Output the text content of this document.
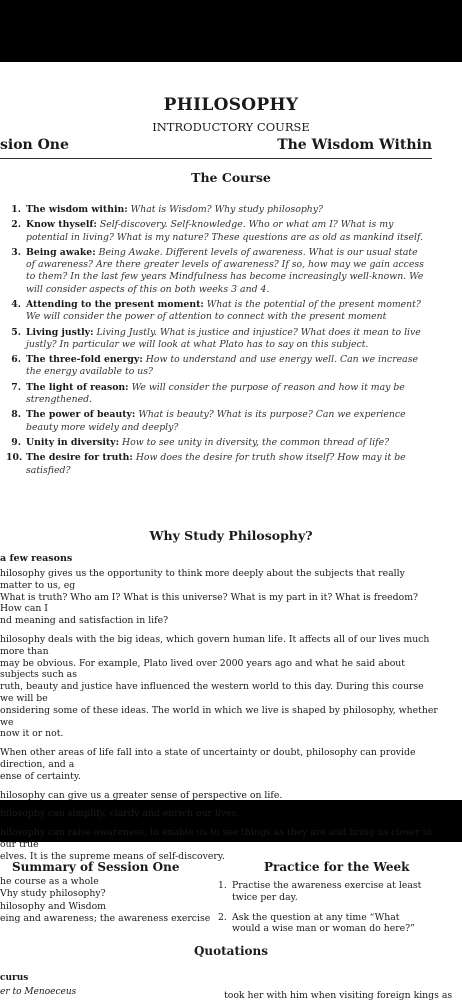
PHILOSOPHY
INTRODUCTORY COURSE
sion One	The Wisdom Within
The Course
1. The wisdom within: What is Wisdom? Why study philosophy?
2. Know thyself: Self-discovery. Self-knowledge. Who or what am I? What is my potential in living? What is my nature? These questions are as old as mankind itself.
3. Being awake: Being Awake. Different levels of awareness. What is our usual state of awareness? Are there greater levels of awareness? If so, how may we gain access to them? In the last few years Mindfulness has become increasingly well-known. We will consider aspects of this on both weeks 3 and 4.
4. Attending to the present moment: What is the potential of the present moment? We will consider the power of attention to connect with the present moment
5. Living justly: Living Justly. What is justice and injustice? What does it mean to live justly? In particular we will look at what Plato has to say on this subject.
6. The three-fold energy: How to understand and use energy well. Can we increase the energy available to us?
7. The light of reason: We will consider the purpose of reason and how it may be strengthened.
8. The power of beauty: What is beauty? What is its purpose? Can we experience beauty more widely and deeply?
9. Unity in diversity: How to see unity in diversity, the common thread of life?
10. The desire for truth: How does the desire for truth show itself? How may it be satisfied?
Why Study Philosophy?
a few reasons

hilosophy gives us the opportunity to think more deeply about the subjects that really matter to us, eg
What is truth? Who am I? What is this universe? What is my part in it? What is freedom? How can I
nd meaning and satisfaction in life?

hilosophy deals with the big ideas, which govern human life. It affects all of our lives much more than
may be obvious. For example, Plato lived over 2000 years ago and what he said about subjects such as
ruth, beauty and justice have influenced the western world to this day. During this course we will be
onsidering some of these ideas. The world in which we live is shaped by philosophy, whether we
now it or not.

When other areas of life fall into a state of uncertainty or doubt, philosophy can provide direction, and a
ense of certainty.

hilosophy can give us a greater sense of perspective on life.

hilosophy can simplify, clarify and enrich our lives,

hilosophy can raise awareness, to enable us to see things as they are and bring us closer to our true
elves. It is the supreme means of self-discovery.

Summary of Session One
he course as a whole
Vhy study philosophy?
hilosophy and Wisdom
eing and awareness; the awareness exercise
Practice for the Week
1. Practise the awareness exercise at least twice per day.
2. Ask the question at any time “What would a wise man or woman do here?”
Quotations
curus
er to Menoeceus	took her with him when visiting foreign kings as
